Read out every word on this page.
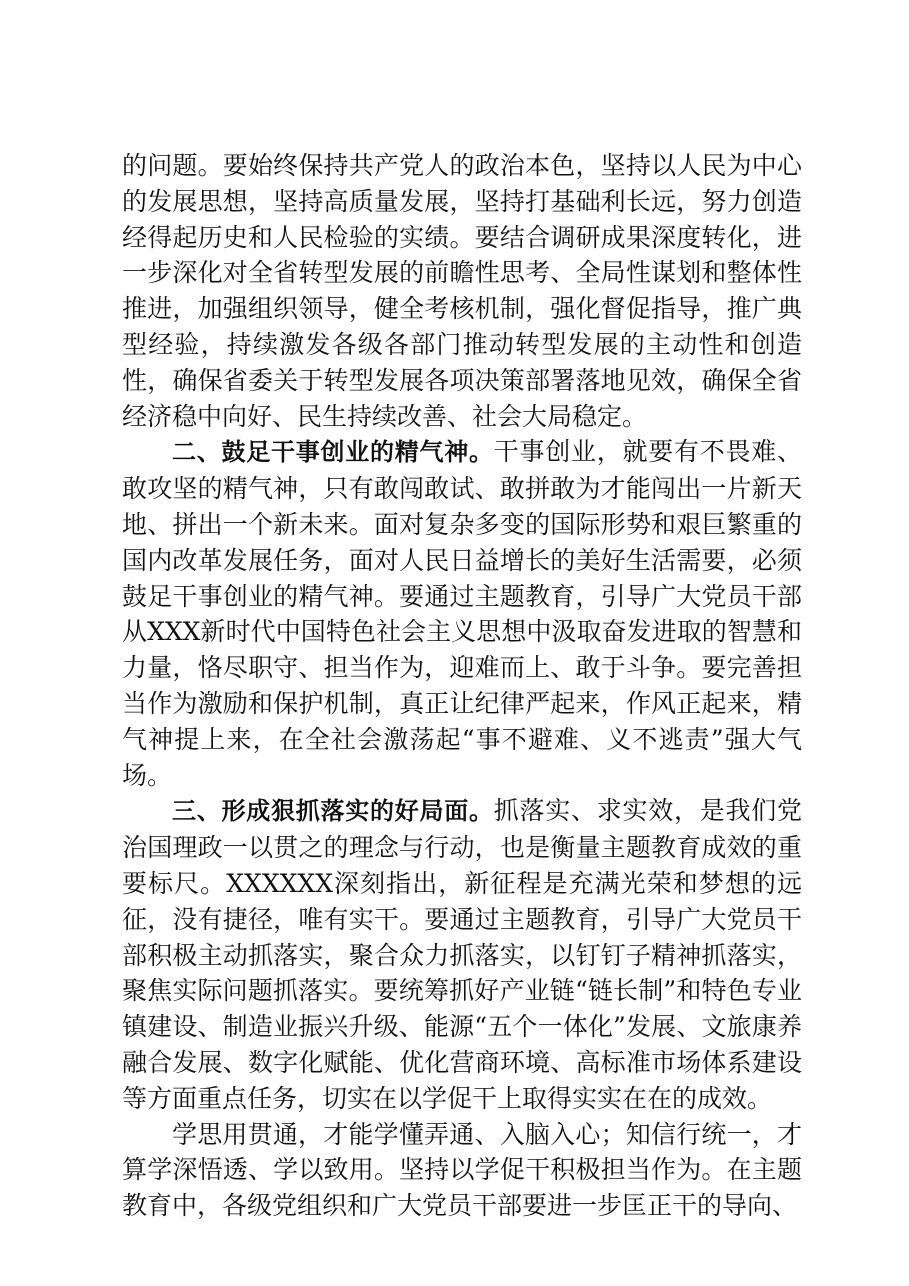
的问题。要始终保持共产党人的政治本色，坚持以人民为中心的发展思想，坚持高质量发展，坚持打基础利长远，努力创造经得起历史和人民检验的实绩。要结合调研成果深度转化，进一步深化对全省转型发展的前瞻性思考、全局性谋划和整体性推进，加强组织领导，健全考核机制，强化督促指导，推广典型经验，持续激发各级各部门推动转型发展的主动性和创造性，确保省委关于转型发展各项决策部署落地见效，确保全省经济稳中向好、民生持续改善、社会大局稳定。

二、鼓足干事创业的精气神。干事创业，就要有不畏难、敢攻坚的精气神，只有敢闯敢试、敢拼敢为才能闯出一片新天地、拼出一个新未来。面对复杂多变的国际形势和艰巨繁重的国内改革发展任务，面对人民日益增长的美好生活需要，必须鼓足干事创业的精气神。要通过主题教育，引导广大党员干部从XXX新时代中国特色社会主义思想中汲取奋发进取的智慧和力量，恪尽职守、担当作为，迎难而上、敢于斗争。要完善担当作为激励和保护机制，真正让纪律严起来，作风正起来，精气神提上来，在全社会激荡起“事不避难、义不逃责”强大气场。

三、形成狠抓落实的好局面。抓落实、求实效，是我们党治国理政一以贯之的理念与行动，也是衡量主题教育成效的重要标尺。XXXXXX深刻指出，新征程是充满光荣和梦想的远征，没有捷径，唯有实干。要通过主题教育，引导广大党员干部积极主动抓落实，聚合众力抓落实，以钉钉子精神抓落实，聚焦实际问题抓落实。要统筹抓好产业链“链长制”和特色专业镇建设、制造业振兴升级、能源“五个一体化”发展、文旅康养融合发展、数字化赋能、优化营商环境、高标准市场体系建设等方面重点任务，切实在以学促干上取得实实在在的成效。

学思用贯通，才能学懂弄通、入脑入心；知信行统一，才算学深悟透、学以致用。坚持以学促干积极担当作为。在主题教育中，各级党组织和广大党员干部要进一步匡正干的导向、
